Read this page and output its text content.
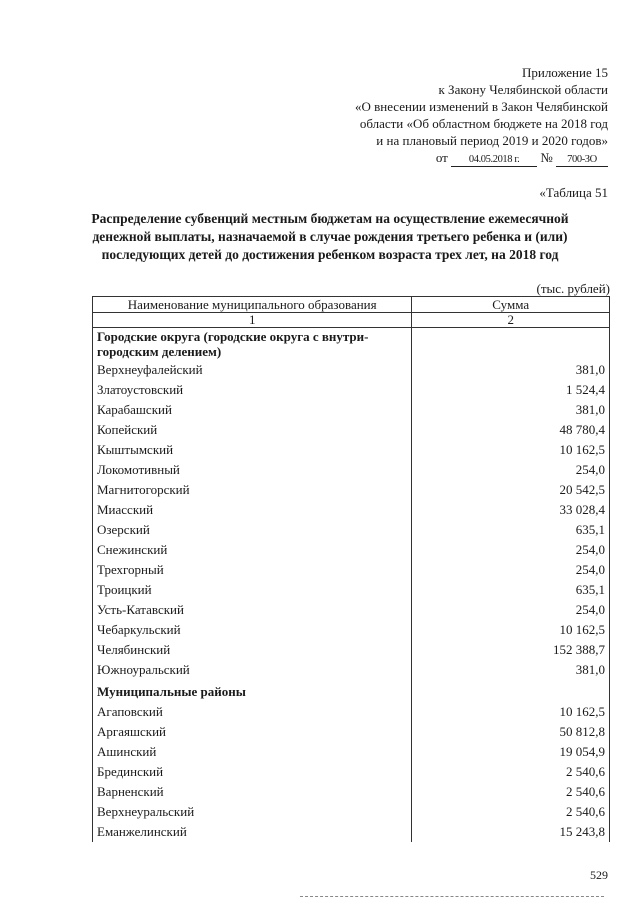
Приложение 15
к Закону Челябинской области
«О внесении изменений в Закон Челябинской
области «Об областном бюджете на 2018 год
и на плановый период 2019 и 2020 годов»
от 04.05.2018 г. № 700-ЗО
«Таблица 51
Распределение субвенций местным бюджетам на осуществление ежемесячной денежной выплаты, назначаемой в случае рождения третьего ребенка и (или) последующих детей до достижения ребенком возраста трех лет, на 2018 год
(тыс. рублей)
Наименование муниципального образования	Сумма
1	2
Городские округа (городские округа с внутри-городским делением)	
Верхнеуфалейский	381,0
Златоустовский	1 524,4
Карабашский	381,0
Копейский	48 780,4
Кыштымский	10 162,5
Локомотивный	254,0
Магнитогорский	20 542,5
Миасский	33 028,4
Озерский	635,1
Снежинский	254,0
Трехгорный	254,0
Троицкий	635,1
Усть-Катавский	254,0
Чебаркульский	10 162,5
Челябинский	152 388,7
Южноуральский	381,0
Муниципальные районы	
Агаповский	10 162,5
Аргаяшский	50 812,8
Ашинский	19 054,9
Брединский	2 540,6
Варненский	2 540,6
Верхнеуральский	2 540,6
Еманжелинский	15 243,8
529
